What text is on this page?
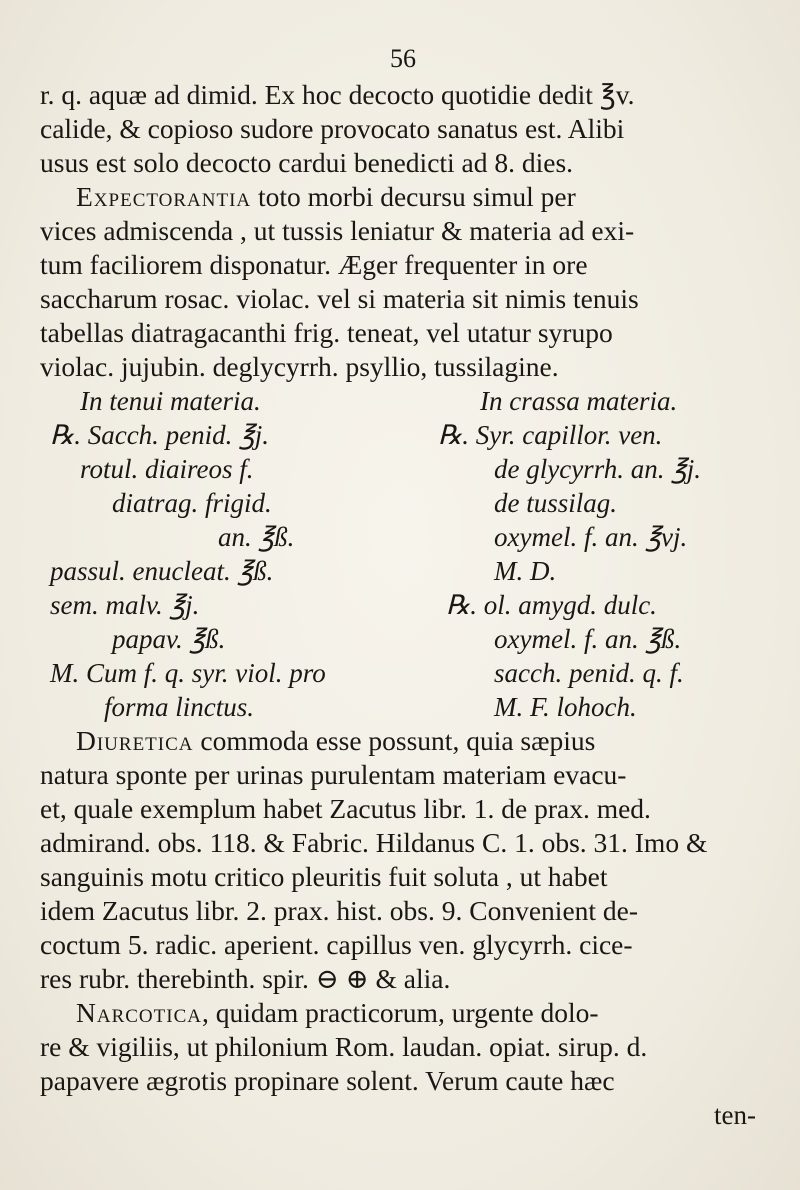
56
r. q. aquæ ad dimid. Ex hoc decocto quotidie dedit ℥v.
calide, & copioso sudore provocato sanatus est. Alibi
usus est solo decocto cardui benedicti ad 8. dies.
Expectorantia toto morbi decursu simul per
vices admiscenda , ut tussis leniatur & materia ad exi-
tum faciliorem disponatur. Æger frequenter in ore
saccharum rosac. violac. vel si materia sit nimis tenuis
tabellas diatragacanthi frig. teneat, vel utatur syrupo
violac. jujubin. deglycyrrh. psyllio, tussilagine.
In tenui materia.
℞. Sacch. penid. ℥j.
rotul. diaireos f.
diatrag. frigid.
an. ℥ß.
passul. enucleat. ℥ß.
sem. malv. ℥j.
papav. ℥ß.
M. Cum f. q. syr. viol. pro
forma linctus.
In crassa materia.
℞. Syr. capillor. ven.
de glycyrrh. an. ℥j.
de tussilag.
oxymel. f. an. ℥vj.
M. D.
℞. ol. amygd. dulc.
oxymel. f. an. ℥ß.
sacch. penid. q. f.
M. F. lohoch.
Diuretica commoda esse possunt, quia sæpius
natura sponte per urinas purulentam materiam evacu-
et, quale exemplum habet Zacutus libr. 1. de prax. med.
admirand. obs. 118. & Fabric. Hildanus C. 1. obs. 31. Imo &
sanguinis motu critico pleuritis fuit soluta , ut habet
idem Zacutus libr. 2. prax. hist. obs. 9. Convenient de-
coctum 5. radic. aperient. capillus ven. glycyrrh. cice-
res rubr. therebinth. spir. ⊖ ⊕ & alia.
Narcotica, quidam practicorum, urgente dolo-
re & vigiliis, ut philonium Rom. laudan. opiat. sirup. d.
papavere ægrotis propinare solent. Verum caute hæc
ten-
